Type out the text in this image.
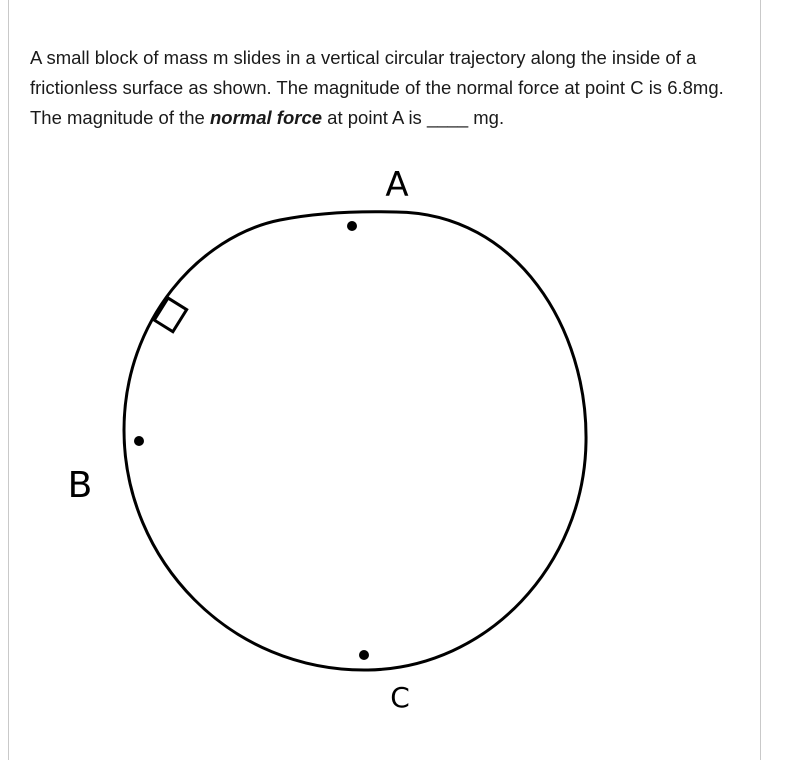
A small block of mass m slides in a vertical circular trajectory along the inside of a frictionless surface as shown. The magnitude of the normal force at point C is 6.8mg. The magnitude of the normal force at point A is ____ mg.

A
B
C
